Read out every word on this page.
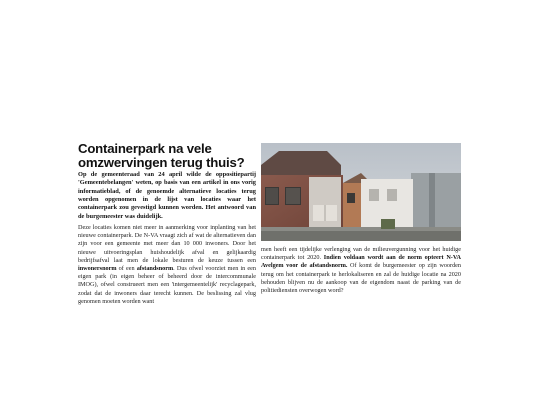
Containerpark na vele omzwervingen terug thuis?

Op de gemeenteraad van 24 april wilde de oppositiepartij 'Gemeentebelangen' weten, op basis van een artikel in ons vorig informatieblad, of de genoemde alternatieve locaties terug worden opgenomen in de lijst van locaties waar het containerpark zou gevestigd kunnen worden. Het antwoord van de burgemeester was duidelijk.

Deze locaties komen niet meer in aanmerking voor inplanting van het nieuwe containerpark. De N-VA vraagt zich af wat de alternatieven dan zijn voor een gemeente met meer dan 10 000 inwoners. Door het nieuwe uitvoeringsplan huishoudelijk afval en gelijkaardig bedrijfsafval laat men de lokale besturen de keuze tussen een inwonersnorm of een afstandsnorm. Dus ofwel voorziet men in een eigen park (in eigen beheer of beheerd door de intercommunale IMOG), ofwel construeert men een 'intergemeentelijk' recyclagepark, zodat dat de inwoners daar terecht kunnen. De beslissing zal vlug genomen moeten worden want

men heeft een tijdelijke verlenging van de milieuvergunning voor het huidige containerpark tot 2020. Indien voldaan wordt aan de norm opteert N-VA Avelgem voor de afstandsnorm. Of komt de burgemeester op zijn woorden terug om het containerpark te herlokaliseren en zal de huidige locatie na 2020 behouden blijven nu de aankoop van de eigendom naast de parking van de politiediensten overwogen word?
